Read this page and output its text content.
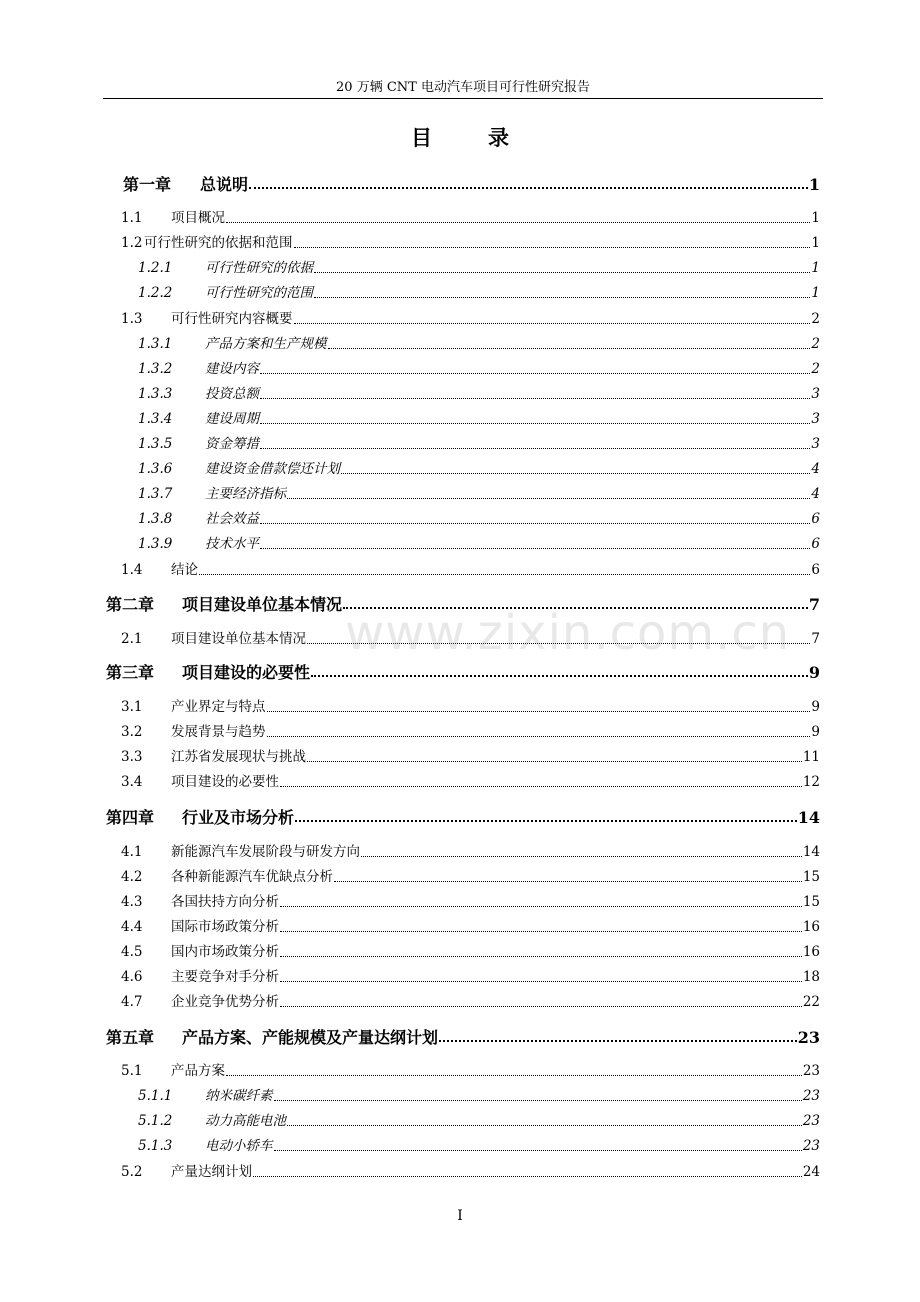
20 万辆 CNT 电动汽车项目可行性研究报告
目	录
第一章	总说明	1
1.1	项目概况	1
1.2 可行性研究的依据和范围	1
1.2.1	可行性研究的依据	1
1.2.2	可行性研究的范围	1
1.3	可行性研究内容概要	2
1.3.1	产品方案和生产规模	2
1.3.2	建设内容	2
1.3.3	投资总额	3
1.3.4	建设周期	3
1.3.5	资金筹措	3
1.3.6	建设资金借款偿还计划	4
1.3.7	主要经济指标	4
1.3.8	社会效益	6
1.3.9	技术水平	6
1.4	结论	6
第二章	项目建设单位基本情况	7
2.1	项目建设单位基本情况	7
第三章	项目建设的必要性	9
3.1	产业界定与特点	9
3.2	发展背景与趋势	9
3.3	江苏省发展现状与挑战	11
3.4	项目建设的必要性	12
第四章	行业及市场分析	14
4.1	新能源汽车发展阶段与研发方向	14
4.2	各种新能源汽车优缺点分析	15
4.3	各国扶持方向分析	15
4.4	国际市场政策分析	16
4.5	国内市场政策分析	16
4.6	主要竞争对手分析	18
4.7	企业竞争优势分析	22
第五章	产品方案、产能规模及产量达纲计划	23
5.1	产品方案	23
5.1.1	纳米碳纤素	23
5.1.2	动力高能电池	23
5.1.3	电动小轿车	23
5.2	产量达纲计划	24
www.zixin.com.cn
I
